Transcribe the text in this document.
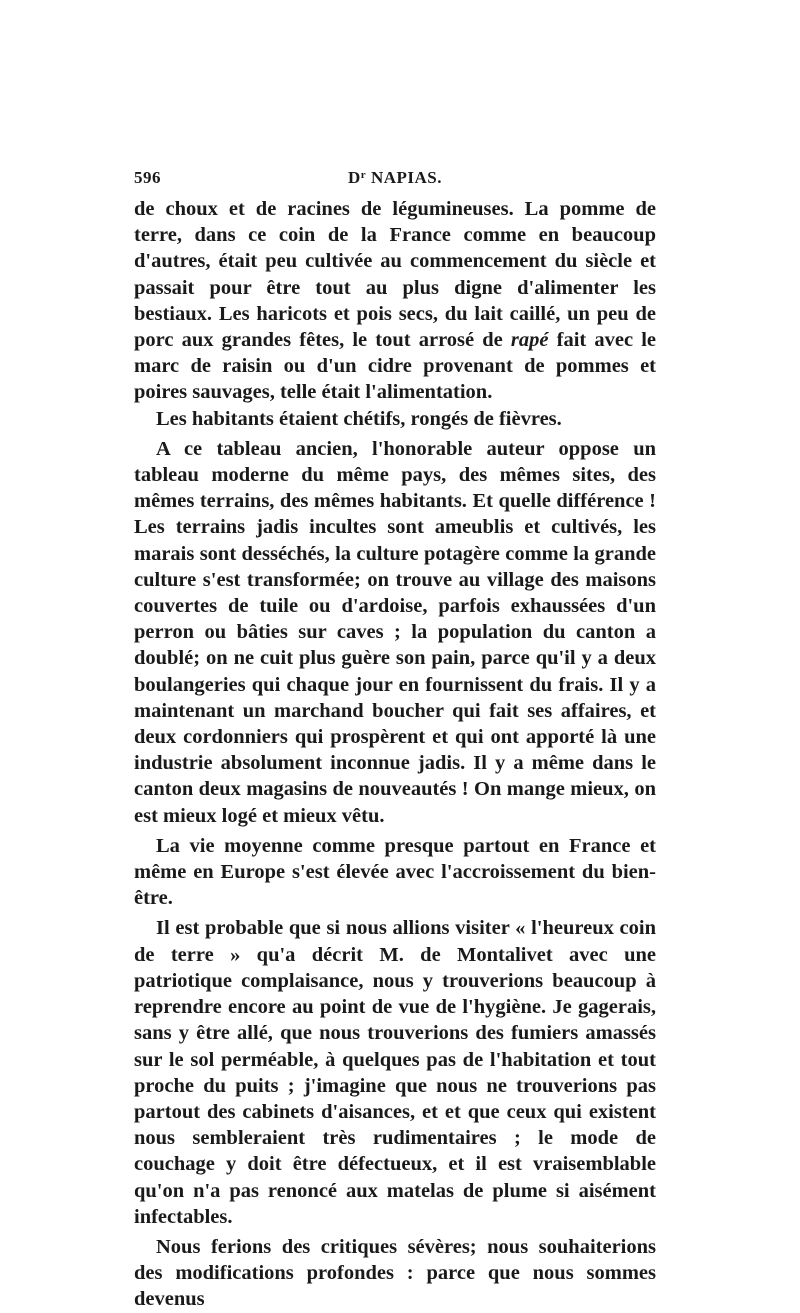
596	$D^r$ NAPIAS.

de choux et de racines de légumineuses. La pomme de terre, dans ce coin de la France comme en beaucoup d'autres, était peu cultivée au commencement du siècle et passait pour être tout au plus digne d'alimenter les bestiaux. Les haricots et pois secs, du lait caillé, un peu de porc aux grandes fêtes, le tout arrosé de rapé fait avec le marc de raisin ou d'un cidre provenant de pommes et poires sauvages, telle était l'alimentation.

Les habitants étaient chétifs, rongés de fièvres.

A ce tableau ancien, l'honorable auteur oppose un tableau moderne du même pays, des mêmes sites, des mêmes terrains, des mêmes habitants. Et quelle différence ! Les terrains jadis incultes sont ameublis et cultivés, les marais sont desséchés, la culture potagère comme la grande culture s'est transformée; on trouve au village des maisons couvertes de tuile ou d'ardoise, parfois exhaussées d'un perron ou bâties sur caves ; la population du canton a doublé; on ne cuit plus guère son pain, parce qu'il y a deux boulangeries qui chaque jour en fournissent du frais. Il y a maintenant un marchand boucher qui fait ses affaires, et deux cordonniers qui prospèrent et qui ont apporté là une industrie absolument inconnue jadis. Il y a même dans le canton deux magasins de nouveautés ! On mange mieux, on est mieux logé et mieux vêtu.

La vie moyenne comme presque partout en France et même en Europe s'est élevée avec l'accroissement du bien-être.

Il est probable que si nous allions visiter « l'heureux coin de terre » qu'a décrit M. de Montalivet avec une patriotique complaisance, nous y trouverions beaucoup à reprendre encore au point de vue de l'hygiène. Je gagerais, sans y être allé, que nous trouverions des fumiers amassés sur le sol perméable, à quelques pas de l'habitation et tout proche du puits ; j'imagine que nous ne trouverions pas partout des cabinets d'aisances, et et que ceux qui existent nous sembleraient très rudimentaires ; le mode de couchage y doit être défectueux, et il est vraisemblable qu'on n'a pas renoncé aux matelas de plume si aisément infectables.

Nous ferions des critiques sévères; nous souhaiterions des modifications profondes : parce que nous sommes devenus
